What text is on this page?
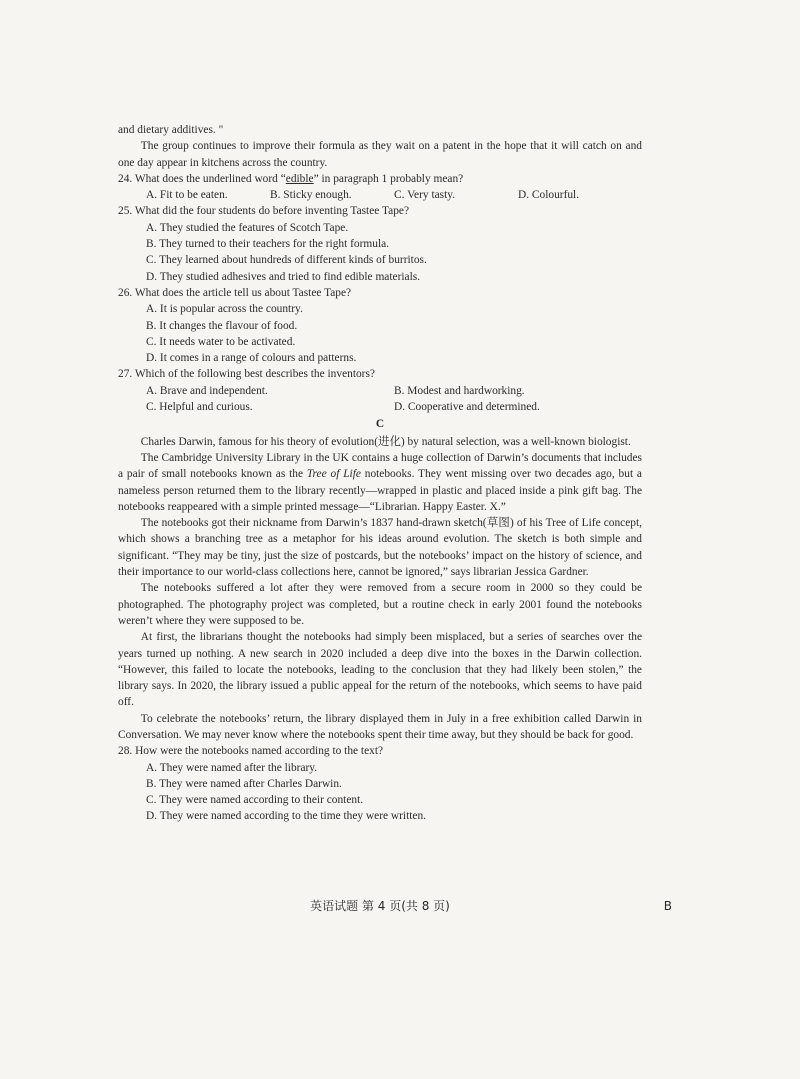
and dietary additives. "

The group continues to improve their formula as they wait on a patent in the hope that it will catch on and one day appear in kitchens across the country.

24. What does the underlined word “edible” in paragraph 1 probably mean?

A. Fit to be eaten.	B. Sticky enough.	C. Very tasty.	D. Colourful.

25. What did the four students do before inventing Tastee Tape?

A. They studied the features of Scotch Tape.

B. They turned to their teachers for the right formula.

C. They learned about hundreds of different kinds of burritos.

D. They studied adhesives and tried to find edible materials.

26. What does the article tell us about Tastee Tape?

A. It is popular across the country.

B. It changes the flavour of food.

C. It needs water to be activated.

D. It comes in a range of colours and patterns.

27. Which of the following best describes the inventors?

A. Brave and independent.	B. Modest and hardworking.
C. Helpful and curious.	D. Cooperative and determined.

C

Charles Darwin, famous for his theory of evolution(进化) by natural selection, was a well-known biologist.

The Cambridge University Library in the UK contains a huge collection of Darwin’s documents that includes a pair of small notebooks known as the Tree of Life notebooks. They went missing over two decades ago, but a nameless person returned them to the library recently—wrapped in plastic and placed inside a pink gift bag. The notebooks reappeared with a simple printed message—“Librarian. Happy Easter. X.”

The notebooks got their nickname from Darwin’s 1837 hand-drawn sketch(草图) of his Tree of Life concept, which shows a branching tree as a metaphor for his ideas around evolution. The sketch is both simple and significant. “They may be tiny, just the size of postcards, but the notebooks’ impact on the history of science, and their importance to our world-class collections here, cannot be ignored,” says librarian Jessica Gardner.

The notebooks suffered a lot after they were removed from a secure room in 2000 so they could be photographed. The photography project was completed, but a routine check in early 2001 found the notebooks weren’t where they were supposed to be.

At first, the librarians thought the notebooks had simply been misplaced, but a series of searches over the years turned up nothing. A new search in 2020 included a deep dive into the boxes in the Darwin collection. “However, this failed to locate the notebooks, leading to the conclusion that they had likely been stolen,” the library says. In 2020, the library issued a public appeal for the return of the notebooks, which seems to have paid off.

To celebrate the notebooks’ return, the library displayed them in July in a free exhibition called Darwin in Conversation. We may never know where the notebooks spent their time away, but they should be back for good.

28. How were the notebooks named according to the text?

A. They were named after the library.

B. They were named after Charles Darwin.

C. They were named according to their content.

D. They were named according to the time they were written.

英语试题 第 4 页(共 8 页)	B
